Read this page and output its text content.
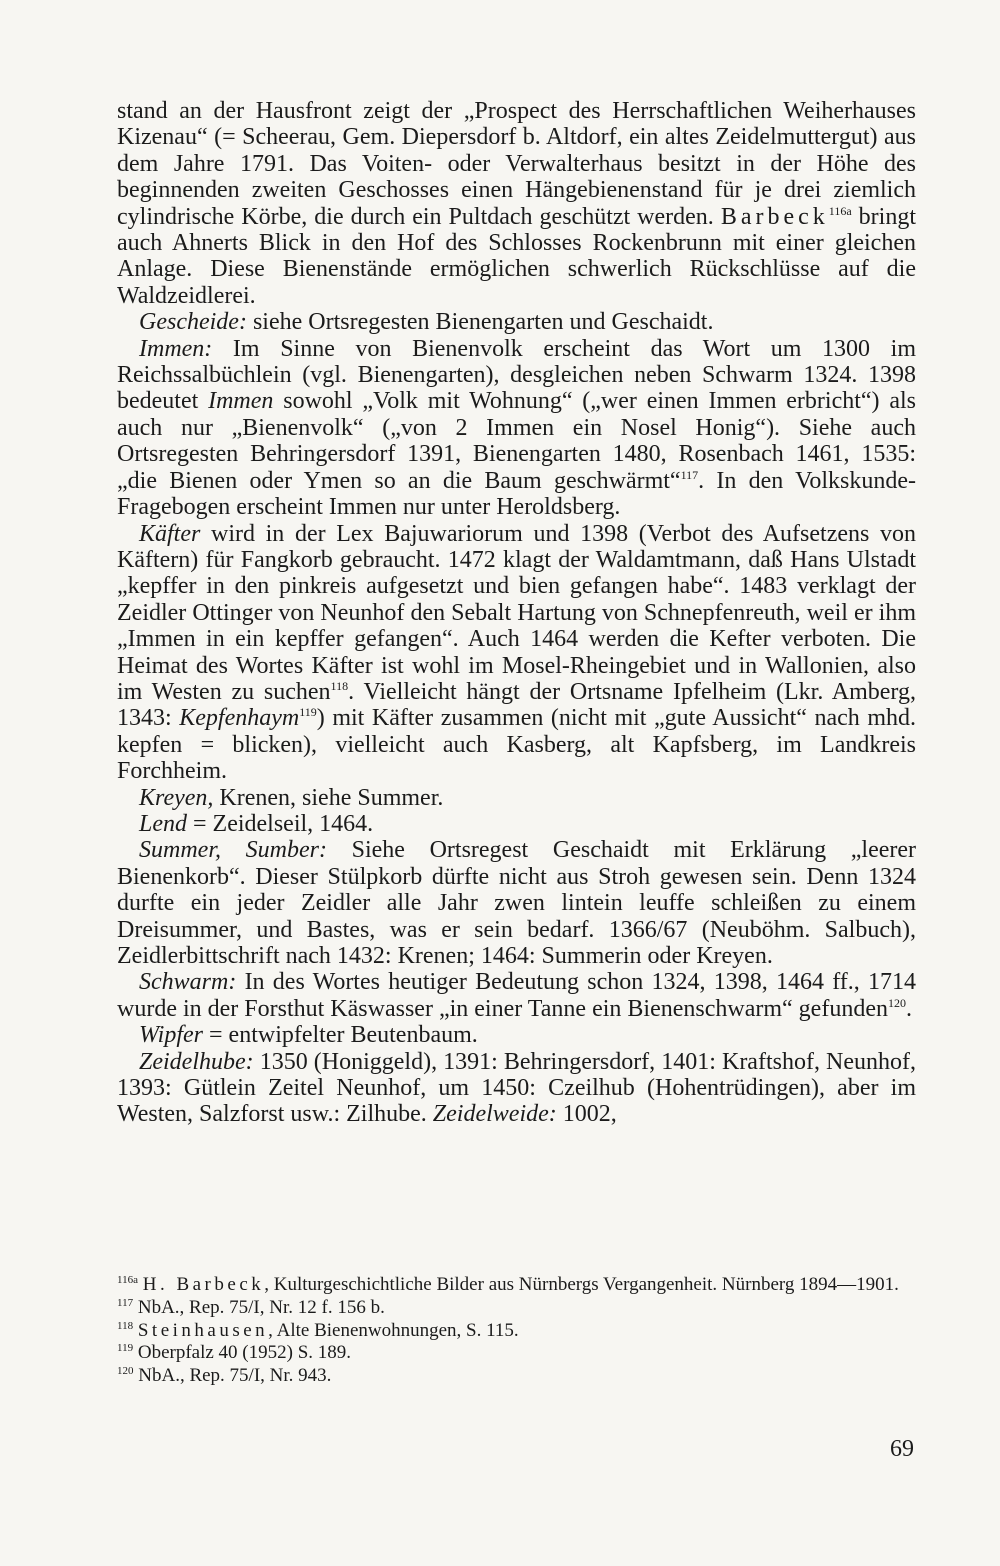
stand an der Hausfront zeigt der „Prospect des Herrschaftlichen Weiherhauses Kizenau“ (= Scheerau, Gem. Diepersdorf b. Altdorf, ein altes Zeidelmuttergut) aus dem Jahre 1791. Das Voiten- oder Verwalterhaus besitzt in der Höhe des beginnenden zweiten Geschosses einen Hängebienenstand für je drei ziemlich cylindrische Körbe, die durch ein Pultdach geschützt werden. Barbeck$^{116a}$ bringt auch Ahnerts Blick in den Hof des Schlosses Rockenbrunn mit einer gleichen Anlage. Diese Bienenstände ermöglichen schwerlich Rückschlüsse auf die Waldzeidlerei.

Gescheide: siehe Ortsregesten Bienengarten und Geschaidt.

Immen: Im Sinne von Bienenvolk erscheint das Wort um 1300 im Reichssalbüchlein (vgl. Bienengarten), desgleichen neben Schwarm 1324. 1398 bedeutet Immen sowohl „Volk mit Wohnung“ („wer einen Immen erbricht“) als auch nur „Bienenvolk“ („von 2 Immen ein Nosel Honig“). Siehe auch Ortsregesten Behringersdorf 1391, Bienengarten 1480, Rosenbach 1461, 1535: „die Bienen oder Ymen so an die Baum geschwärmt“$^{117}$. In den Volkskunde-Fragebogen erscheint Immen nur unter Heroldsberg.

Käfter wird in der Lex Bajuwariorum und 1398 (Verbot des Aufsetzens von Käftern) für Fangkorb gebraucht. 1472 klagt der Waldamtmann, daß Hans Ulstadt „kepffer in den pinkreis aufgesetzt und bien gefangen habe“. 1483 verklagt der Zeidler Ottinger von Neunhof den Sebalt Hartung von Schnepfenreuth, weil er ihm „Immen in ein kepffer gefangen“. Auch 1464 werden die Kefter verboten. Die Heimat des Wortes Käfter ist wohl im Mosel-Rheingebiet und in Wallonien, also im Westen zu suchen$^{118}$. Vielleicht hängt der Ortsname Ipfelheim (Lkr. Amberg, 1343: Kepfenhaym$^{119}$) mit Käfter zusammen (nicht mit „gute Aussicht“ nach mhd. kepfen = blicken), vielleicht auch Kasberg, alt Kapfsberg, im Landkreis Forchheim.

Kreyen, Krenen, siehe Summer.

Lend = Zeidelseil, 1464.

Summer, Sumber: Siehe Ortsregest Geschaidt mit Erklärung „leerer Bienenkorb“. Dieser Stülpkorb dürfte nicht aus Stroh gewesen sein. Denn 1324 durfte ein jeder Zeidler alle Jahr zwen lintein leuffe schleißen zu einem Dreisummer, und Bastes, was er sein bedarf. 1366/67 (Neuböhm. Salbuch), Zeidlerbittschrift nach 1432: Krenen; 1464: Summerin oder Kreyen.

Schwarm: In des Wortes heutiger Bedeutung schon 1324, 1398, 1464 ff., 1714 wurde in der Forsthut Käswasser „in einer Tanne ein Bienenschwarm“ gefunden$^{120}$.

Wipfer = entwipfelter Beutenbaum.

Zeidelhube: 1350 (Honiggeld), 1391: Behringersdorf, 1401: Kraftshof, Neunhof, 1393: Gütlein Zeitel Neunhof, um 1450: Czeilhub (Hohentrüdingen), aber im Westen, Salzforst usw.: Zilhube. Zeidelweide: 1002,

$^{116a}$ H. Barbeck, Kulturgeschichtliche Bilder aus Nürnbergs Vergangenheit. Nürnberg 1894—1901.

$^{117}$ NbA., Rep. 75/I, Nr. 12 f. 156 b.

$^{118}$ Steinhausen, Alte Bienenwohnungen, S. 115.

$^{119}$ Oberpfalz 40 (1952) S. 189.

$^{120}$ NbA., Rep. 75/I, Nr. 943.

69
